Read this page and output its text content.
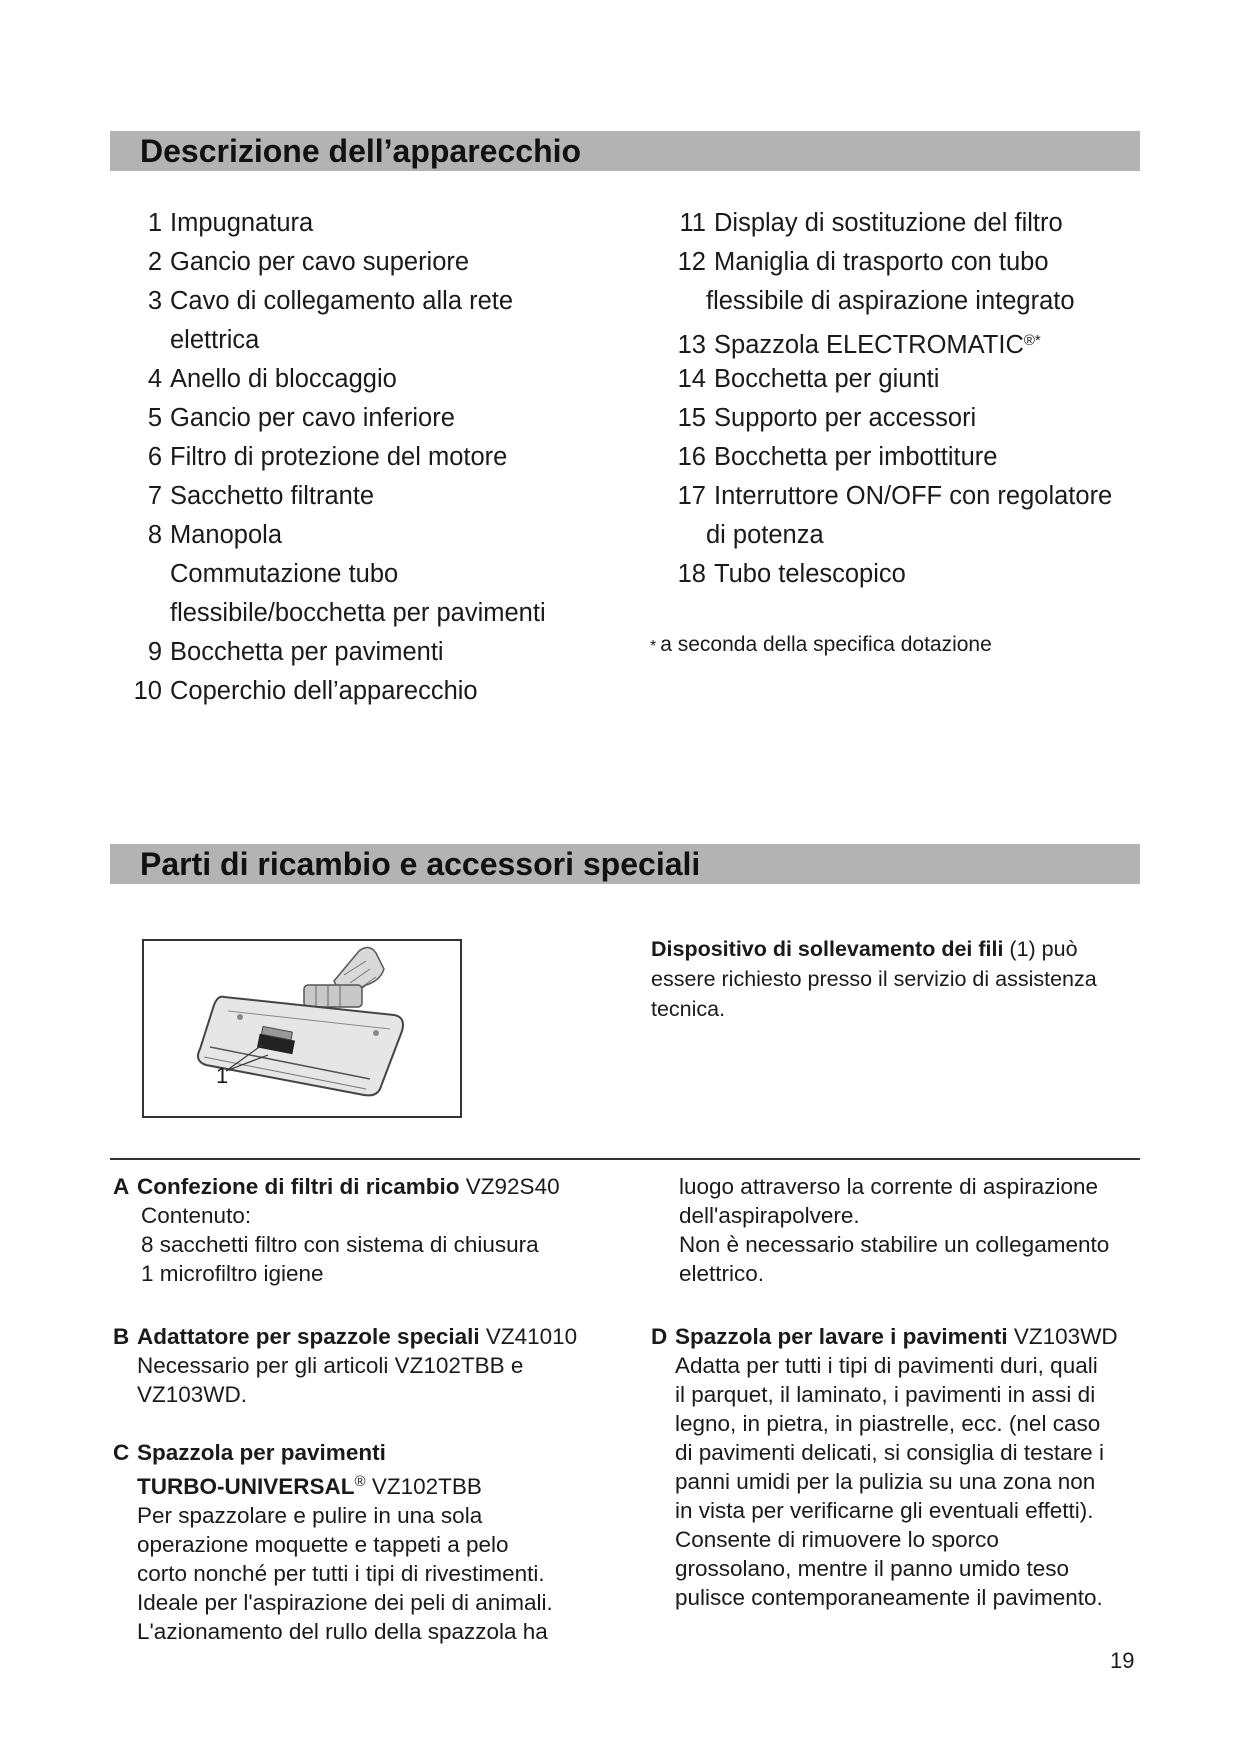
Descrizione dell’apparecchio
1 Impugnatura
2 Gancio per cavo superiore
3 Cavo di collegamento alla rete
elettrica
4 Anello di bloccaggio
5 Gancio per cavo inferiore
6 Filtro di protezione del motore
7 Sacchetto filtrante
8 Manopola
Commutazione tubo
flessibile/bocchetta per pavimenti
9 Bocchetta per pavimenti
10 Coperchio dell’apparecchio
11 Display di sostituzione del filtro
12 Maniglia di trasporto con tubo
flessibile di aspirazione integrato
13 Spazzola ELECTROMATIC®*
14 Bocchetta per giunti
15 Supporto per accessori
16 Bocchetta per imbottiture
17 Interruttore ON/OFF con regolatore
di potenza
18 Tubo telescopico
* a seconda della specifica dotazione
Parti di ricambio e accessori speciali
1
Dispositivo di sollevamento dei fili (1) può
essere richiesto presso il servizio di assistenza
tecnica.
A Confezione di filtri di ricambio VZ92S40
Contenuto:
8 sacchetti filtro con sistema di chiusura
1 microfiltro igiene
B Adattatore per spazzole speciali VZ41010
Necessario per gli articoli VZ102TBB e
VZ103WD.
C Spazzola per pavimenti
TURBO-UNIVERSAL® VZ102TBB
Per spazzolare e pulire in una sola
operazione moquette e tappeti a pelo
corto nonché per tutti i tipi di rivestimenti.
Ideale per l'aspirazione dei peli di animali.
L'azionamento del rullo della spazzola ha
luogo attraverso la corrente di aspirazione
dell'aspirapolvere.
Non è necessario stabilire un collegamento
elettrico.
D Spazzola per lavare i pavimenti VZ103WD
Adatta per tutti i tipi di pavimenti duri, quali
il parquet, il laminato, i pavimenti in assi di
legno, in pietra, in piastrelle, ecc. (nel caso
di pavimenti delicati, si consiglia di testare i
panni umidi per la pulizia su una zona non
in vista per verificarne gli eventuali effetti).
Consente di rimuovere lo sporco
grossolano, mentre il panno umido teso
pulisce contemporaneamente il pavimento.
19
